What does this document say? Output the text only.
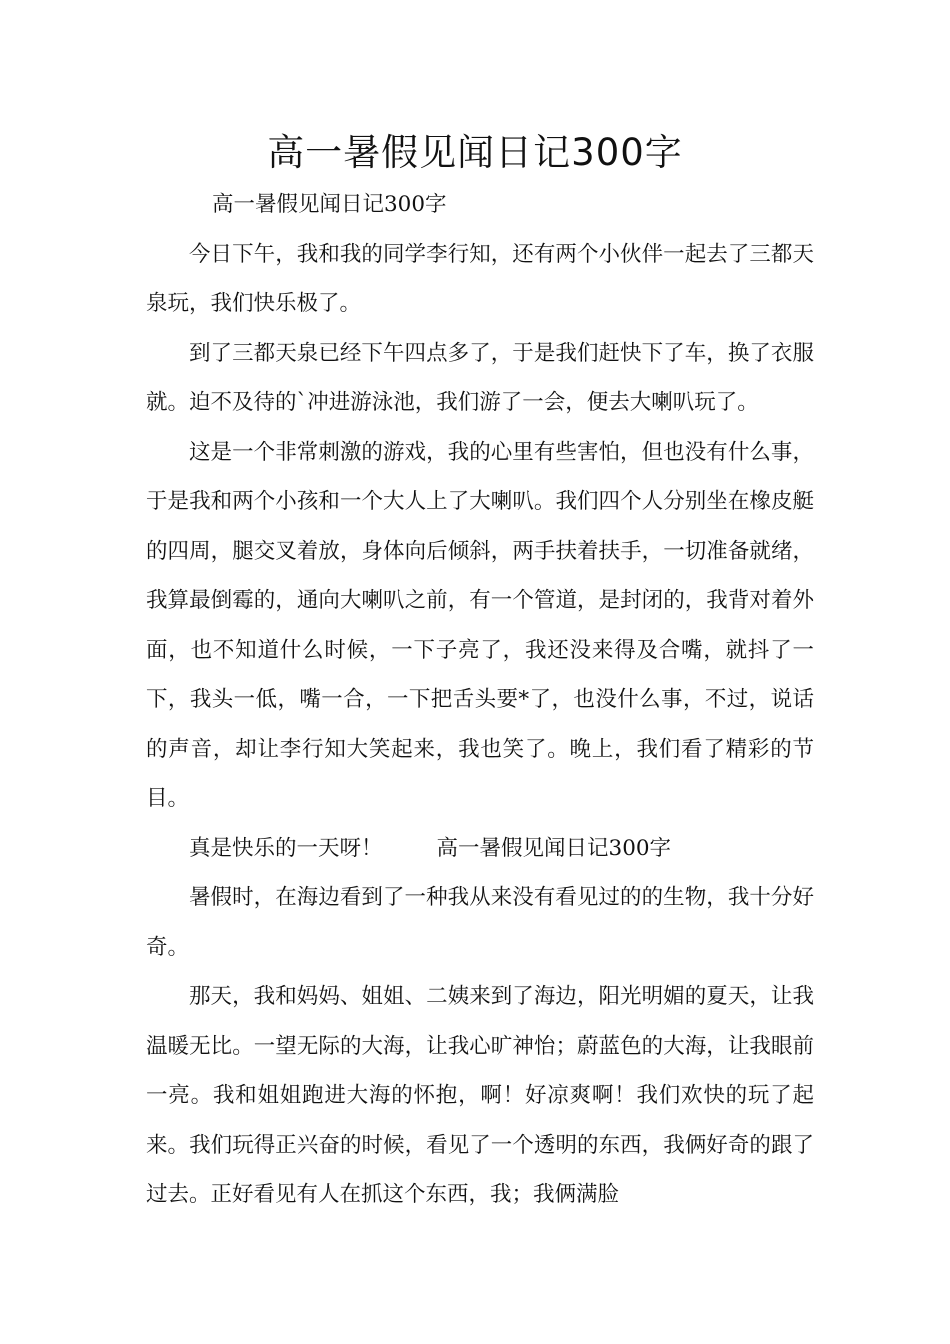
高一暑假见闻日记300字

高一暑假见闻日记300字

今日下午，我和我的同学李行知，还有两个小伙伴一起去了三都天泉玩，我们快乐极了。

到了三都天泉已经下午四点多了，于是我们赶快下了车，换了衣服就。迫不及待的`冲进游泳池，我们游了一会，便去大喇叭玩了。

这是一个非常刺激的游戏，我的心里有些害怕，但也没有什么事，于是我和两个小孩和一个大人上了大喇叭。我们四个人分别坐在橡皮艇的四周，腿交叉着放，身体向后倾斜，两手扶着扶手，一切准备就绪，我算最倒霉的，通向大喇叭之前，有一个管道，是封闭的，我背对着外面，也不知道什么时候，一下子亮了，我还没来得及合嘴，就抖了一下，我头一低，嘴一合，一下把舌头要*了，也没什么事，不过，说话的声音，却让李行知大笑起来，我也笑了。晚上，我们看了精彩的节目。

真是快乐的一天呀！	高一暑假见闻日记300字

暑假时，在海边看到了一种我从来没有看见过的的生物，我十分好奇。

那天，我和妈妈、姐姐、二姨来到了海边，阳光明媚的夏天，让我温暖无比。一望无际的大海，让我心旷神怡；蔚蓝色的大海，让我眼前一亮。我和姐姐跑进大海的怀抱，啊！好凉爽啊！我们欢快的玩了起来。我们玩得正兴奋的时候，看见了一个透明的东西，我俩好奇的跟了过去。正好看见有人在抓这个东西，我；我俩满脸
